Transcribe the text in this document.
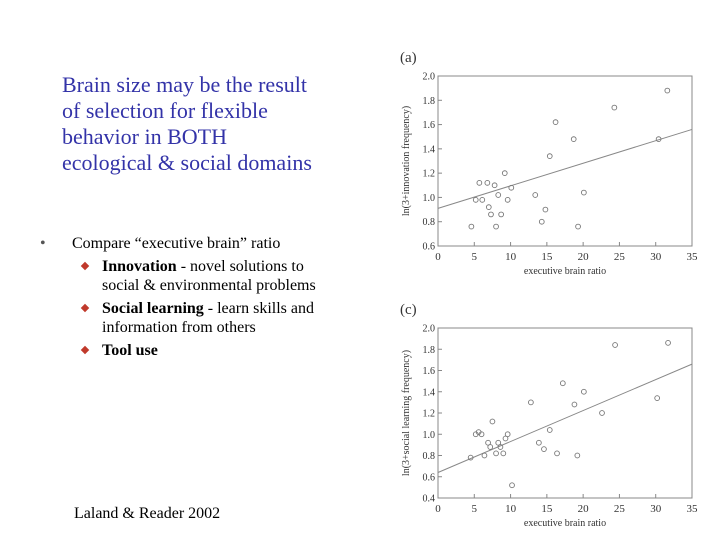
Brain size may be the result
of selection for flexible
behavior in BOTH
ecological & social domains
• Compare “executive brain” ratio
Innovation - novel solutions to social & environmental problems
Social learning - learn skills and information from others
Tool use
Laland & Reader 2002
(a)
0	5	10 15 20 25 30 35
0.6
0.8
1.0
1.2
1.4
1.6
1.8
2.0
executive brain ratio
ln(3+innovation frequency)
(c)
0	5	10 15 20 25 30 35
0.4
0.6
0.8
1.0
1.2
1.4
1.6
1.8
2.0
executive brain ratio
ln(3+social learning frequency)
